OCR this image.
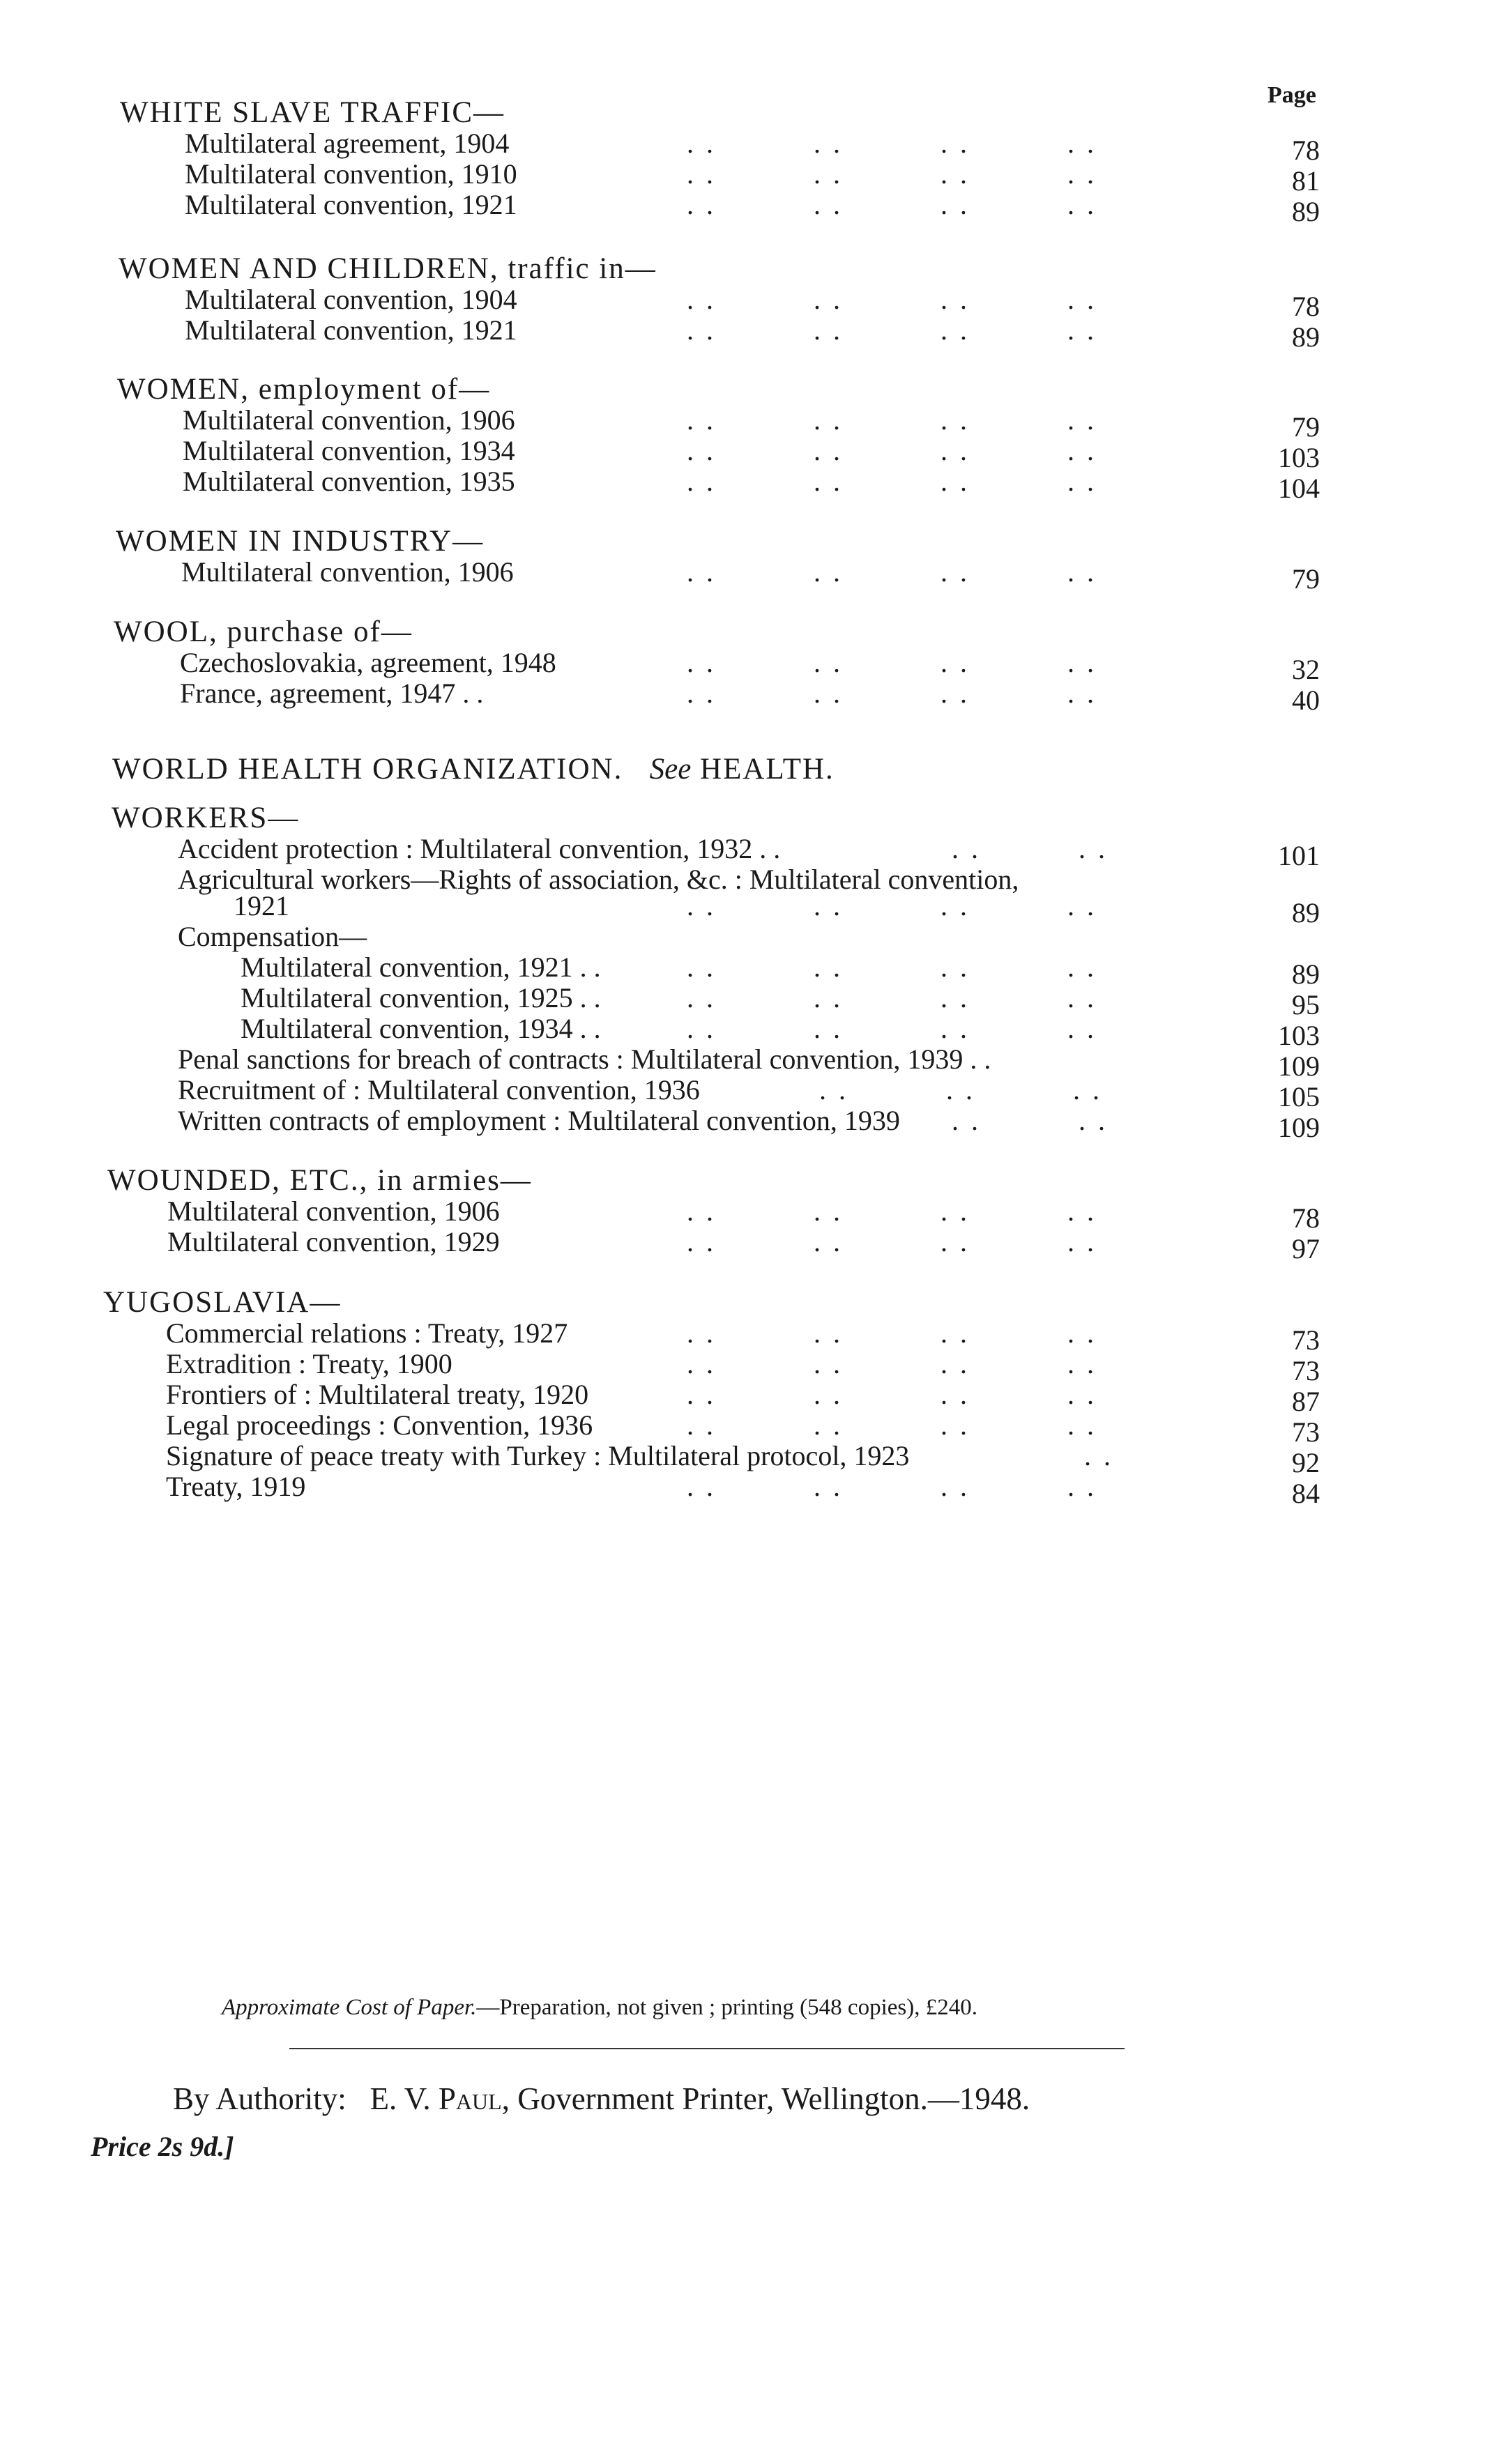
Page
WHITE SLAVE TRAFFIC—
Multilateral agreement, 1904	. .          . .          . .          . .	78
Multilateral convention, 1910	. .          . .          . .          . .	81
Multilateral convention, 1921	. .          . .          . .          . .	89
WOMEN AND CHILDREN, traffic in—
Multilateral convention, 1904	. .          . .          . .          . .	78
Multilateral convention, 1921	. .          . .          . .          . .	89
WOMEN, employment of—
Multilateral convention, 1906	. .          . .          . .          . .	79
Multilateral convention, 1934	. .          . .          . .          . .	103
Multilateral convention, 1935	. .          . .          . .          . .	104
WOMEN IN INDUSTRY—
Multilateral convention, 1906	. .          . .          . .          . .	79
WOOL, purchase of—
Czechoslovakia, agreement, 1948	. .          . .          . .          . .	32
France, agreement, 1947 . .	. .          . .          . .          . .	40
WORLD HEALTH ORGANIZATION. See HEALTH.
WORKERS—
Accident protection : Multilateral convention, 1932 . .	. .          . .	101
Agricultural workers—Rights of association, &c. : Multilateral convention,
1921	. .          . .          . .          . .	89
Compensation—
Multilateral convention, 1921 . .	. .          . .          . .          . .	89
Multilateral convention, 1925 . .	. .          . .          . .          . .	95
Multilateral convention, 1934 . .	. .          . .          . .          . .	103
Penal sanctions for breach of contracts : Multilateral convention, 1939 . .	109
Recruitment of : Multilateral convention, 1936	. .          . .          . .	105
Written contracts of employment : Multilateral convention, 1939 . .          . .	109
WOUNDED, ETC., in armies—
Multilateral convention, 1906	. .          . .          . .          . .	78
Multilateral convention, 1929	. .          . .          . .          . .	97
YUGOSLAVIA—
Commercial relations : Treaty, 1927	. .          . .          . .          . .	73
Extradition : Treaty, 1900	. .          . .          . .          . .	73
Frontiers of : Multilateral treaty, 1920	. .          . .          . .          . .	87
Legal proceedings : Convention, 1936	. .          . .          . .          . .	73
Signature of peace treaty with Turkey : Multilateral protocol, 1923	. .	92
Treaty, 1919	. .          . .          . .          . .	84
Approximate Cost of Paper.—Preparation, not given ; printing (548 copies), £240.
By Authority: E. V. Paul, Government Printer, Wellington.—1948.
Price 2s 9d.]
